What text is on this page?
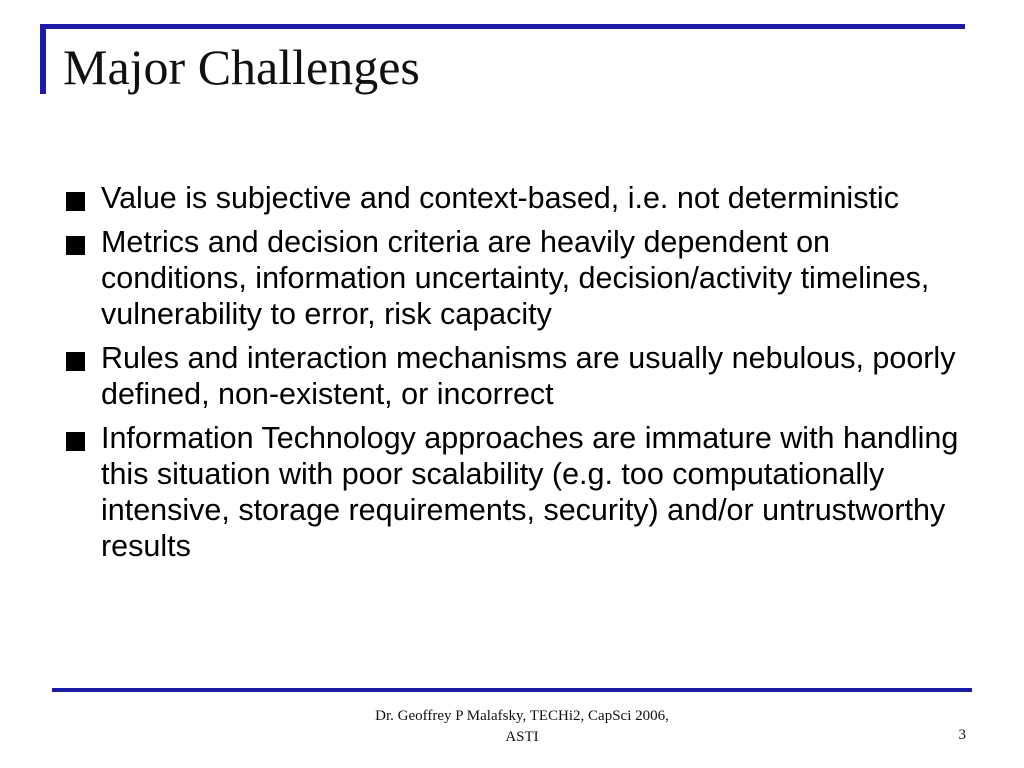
Major Challenges
Value is subjective and context-based, i.e. not deterministic
Metrics and decision criteria are heavily dependent on conditions, information uncertainty, decision/activity timelines, vulnerability to error, risk capacity
Rules and interaction mechanisms are usually nebulous, poorly defined, non-existent, or incorrect
Information Technology approaches are immature with handling this situation with poor scalability (e.g. too computationally intensive, storage requirements, security) and/or untrustworthy results
Dr. Geoffrey P Malafsky, TECHi2, CapSci 2006,
ASTI	3
